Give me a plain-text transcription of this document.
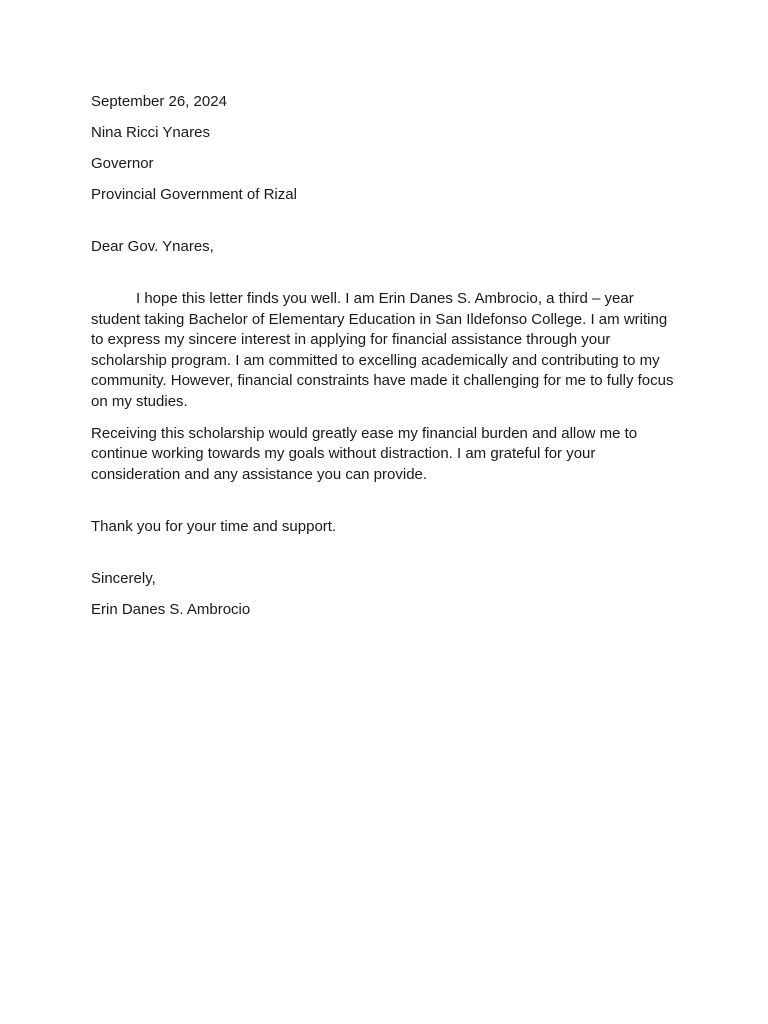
September 26, 2024

Nina Ricci Ynares

Governor

Provincial Government of Rizal

Dear Gov. Ynares,

I hope this letter finds you well. I am Erin Danes S. Ambrocio, a third – year student taking Bachelor of Elementary Education in San Ildefonso College. I am writing to express my sincere interest in applying for financial assistance through your scholarship program. I am committed to excelling academically and contributing to my community. However, financial constraints have made it challenging for me to fully focus on my studies.

Receiving this scholarship would greatly ease my financial burden and allow me to continue working towards my goals without distraction. I am grateful for your consideration and any assistance you can provide.

Thank you for your time and support.

Sincerely,

Erin Danes S. Ambrocio
